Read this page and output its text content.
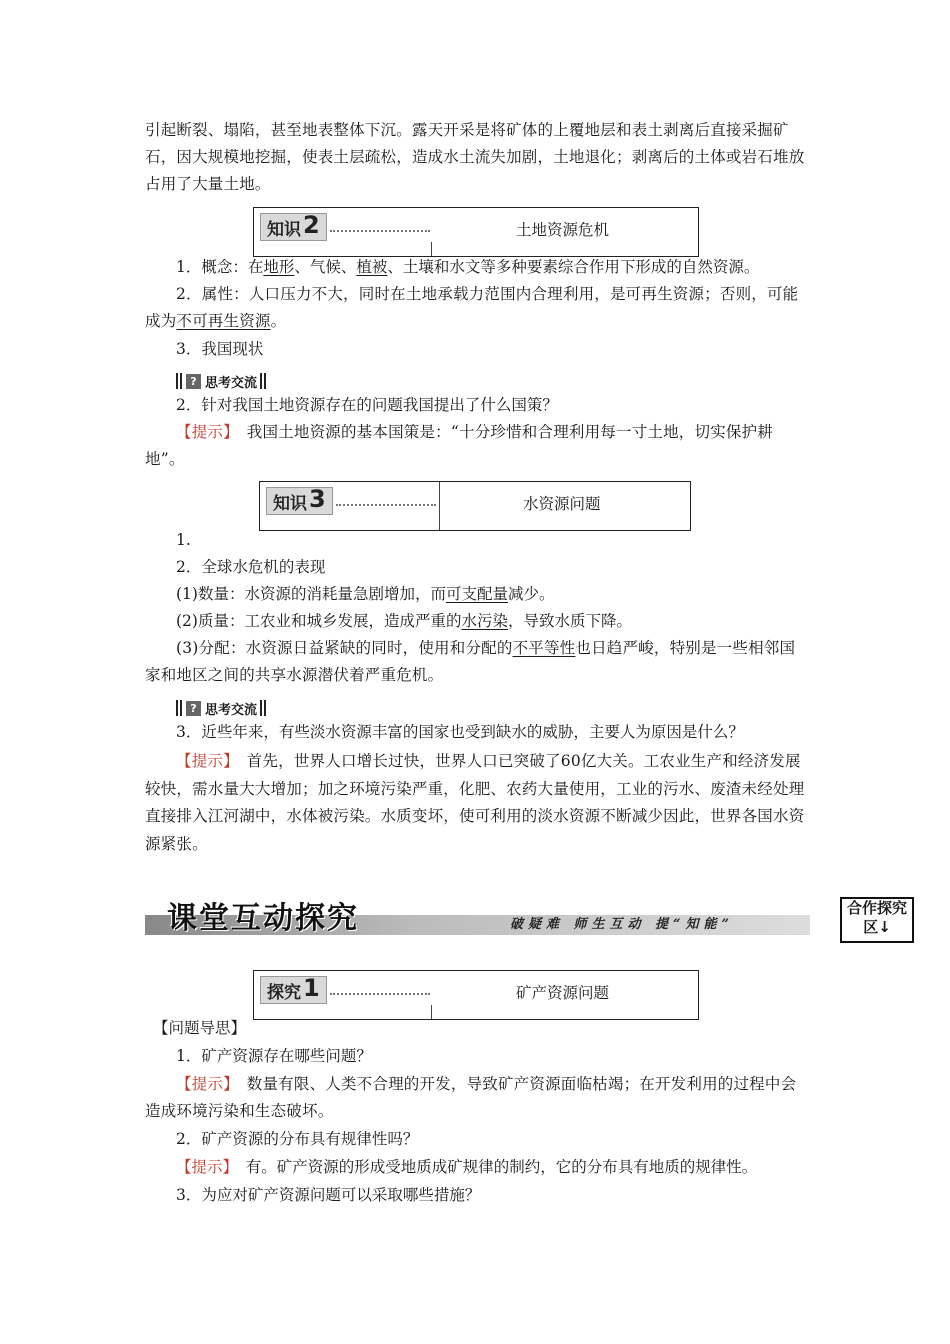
引起断裂、塌陷，甚至地表整体下沉。露天开采是将矿体的上覆地层和表土剥离后直接采掘矿石，因大规模地挖掘，使表土层疏松，造成水土流失加剧，土地退化；剥离后的土体或岩石堆放占用了大量土地。
知识2	土地资源危机
1．概念：在地形、气候、植被、土壤和水文等多种要素综合作用下形成的自然资源。
2．属性：人口压力不大，同时在土地承载力范围内合理利用，是可再生资源；否则，可能成为不可再生资源。
3．我国现状
? 思考交流
2．针对我国土地资源存在的问题我国提出了什么国策？
【提示】　 我国土地资源的基本国策是：“十分珍惜和合理利用每一寸土地，切实保护耕地”。
知识3	水资源问题
1.
2．全球水危机的表现
(1)数量：水资源的消耗量急剧增加，而可支配量减少。
(2)质量：工农业和城乡发展，造成严重的水污染，导致水质下降。
(3)分配：水资源日益紧缺的同时，使用和分配的不平等性也日趋严峻，特别是一些相邻国家和地区之间的共享水源潜伏着严重危机。
? 思考交流
3．近些年来，有些淡水资源丰富的国家也受到缺水的威胁，主要人为原因是什么？
【提示】　 首先，世界人口增长过快，世界人口已突破了60亿大关。工农业生产和经济发展较快，需水量大大增加；加之环境污染严重，化肥、农药大量使用，工业的污水、废渣未经处理直接排入江河湖中，水体被污染。水质变坏，使可利用的淡水资源不断减少因此，世界各国水资源紧张。
课堂互动探究	破疑难 师生互动 提“知能”
合作探究区↓
探究1	矿产资源问题
【问题导思】
1．矿产资源存在哪些问题？
【提示】　 数量有限、人类不合理的开发，导致矿产资源面临枯竭；在开发利用的过程中会造成环境污染和生态破坏。
2．矿产资源的分布具有规律性吗？
【提示】　 有。矿产资源的形成受地质成矿规律的制约，它的分布具有地质的规律性。
3．为应对矿产资源问题可以采取哪些措施？
